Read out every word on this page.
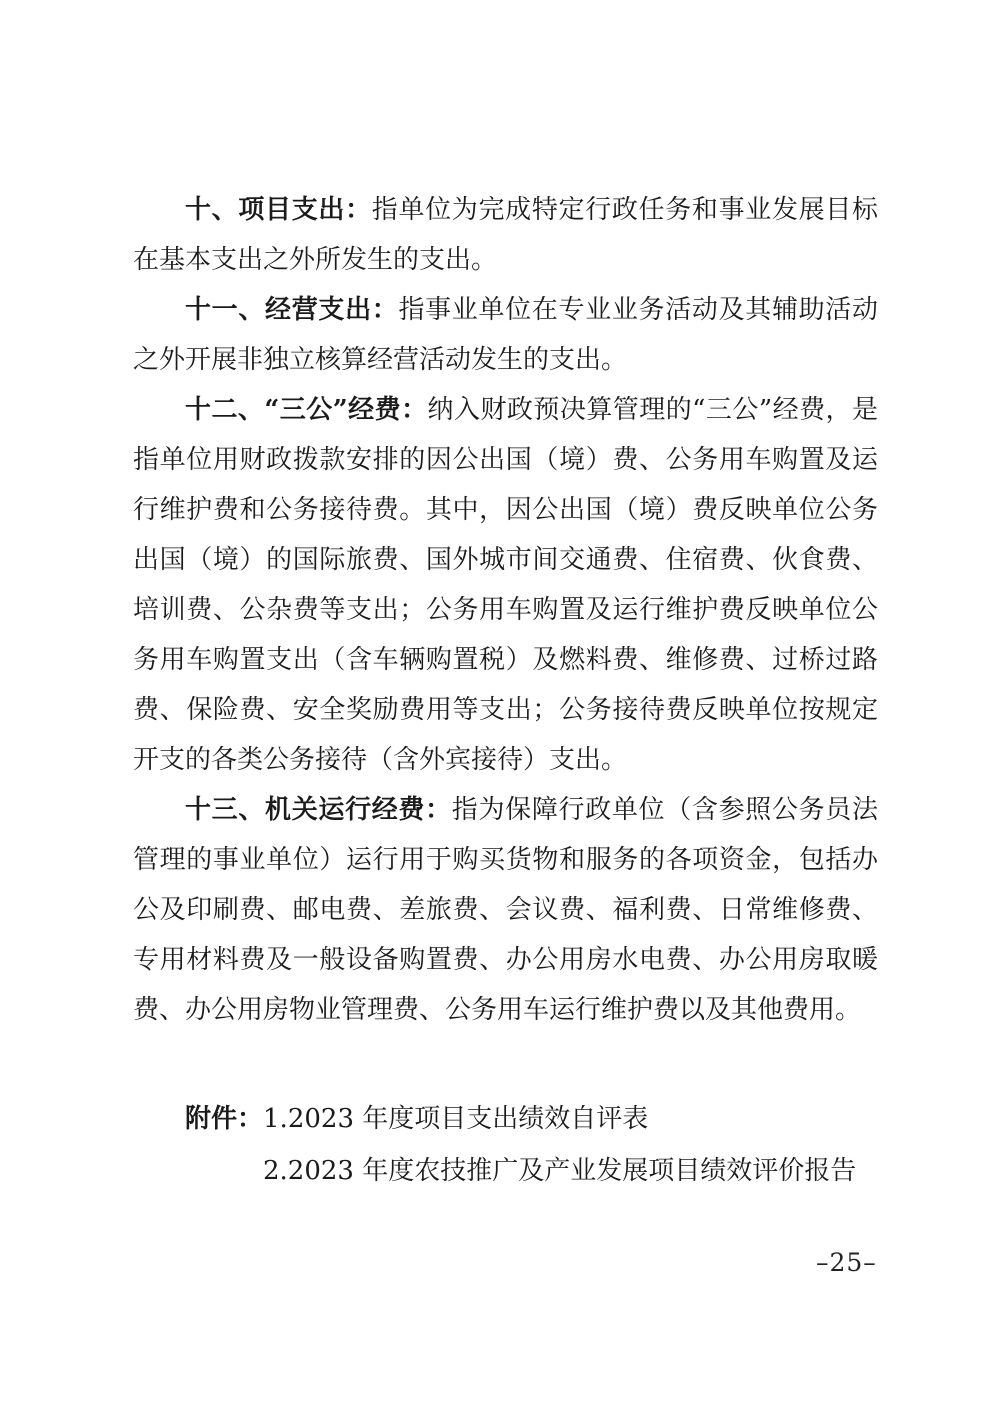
十、项目支出：指单位为完成特定行政任务和事业发展目标在基本支出之外所发生的支出。

十一、经营支出：指事业单位在专业业务活动及其辅助活动之外开展非独立核算经营活动发生的支出。

十二、“三公”经费：纳入财政预决算管理的“三公”经费，是指单位用财政拨款安排的因公出国（境）费、公务用车购置及运行维护费和公务接待费。其中，因公出国（境）费反映单位公务出国（境）的国际旅费、国外城市间交通费、住宿费、伙食费、培训费、公杂费等支出；公务用车购置及运行维护费反映单位公务用车购置支出（含车辆购置税）及燃料费、维修费、过桥过路费、保险费、安全奖励费用等支出；公务接待费反映单位按规定开支的各类公务接待（含外宾接待）支出。

十三、机关运行经费：指为保障行政单位（含参照公务员法管理的事业单位）运行用于购买货物和服务的各项资金，包括办公及印刷费、邮电费、差旅费、会议费、福利费、日常维修费、专用材料费及一般设备购置费、办公用房水电费、办公用房取暖费、办公用房物业管理费、公务用车运行维护费以及其他费用。

附件：1.2023 年度项目支出绩效自评表

2.2023 年度农技推广及产业发展项目绩效评价报告

–25–
